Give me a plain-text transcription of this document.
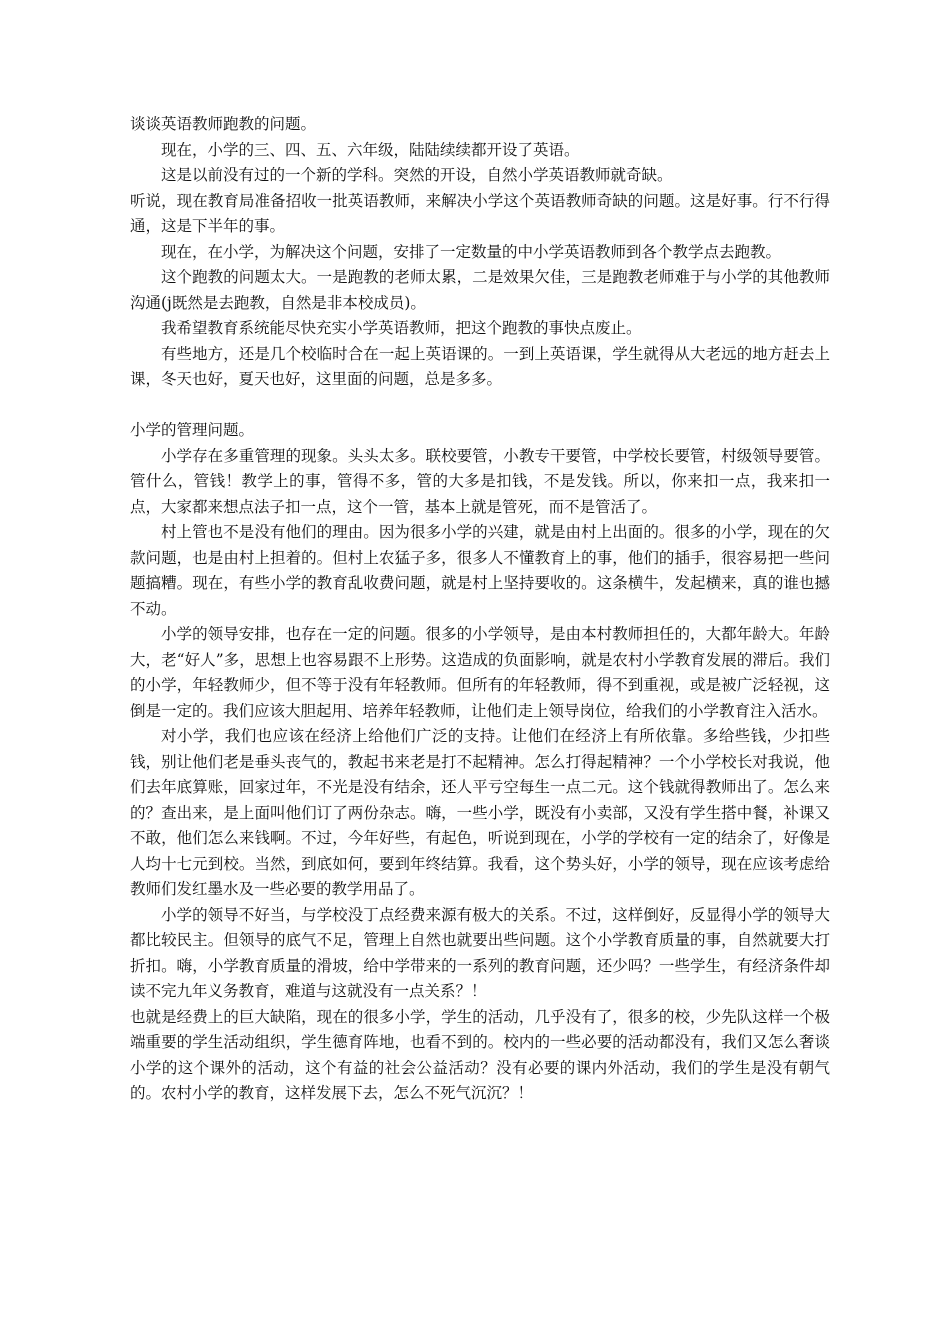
谈谈英语教师跑教的问题。

现在，小学的三、四、五、六年级，陆陆续续都开设了英语。

这是以前没有过的一个新的学科。突然的开设，自然小学英语教师就奇缺。

听说，现在教育局准备招收一批英语教师，来解决小学这个英语教师奇缺的问题。这是好事。行不行得通，这是下半年的事。

现在，在小学，为解决这个问题，安排了一定数量的中小学英语教师到各个教学点去跑教。

这个跑教的问题太大。一是跑教的老师太累，二是效果欠佳，三是跑教老师难于与小学的其他教师沟通(j既然是去跑教，自然是非本校成员)。

我希望教育系统能尽快充实小学英语教师，把这个跑教的事快点废止。

有些地方，还是几个校临时合在一起上英语课的。一到上英语课，学生就得从大老远的地方赶去上课，冬天也好，夏天也好，这里面的问题，总是多多。

小学的管理问题。

小学存在多重管理的现象。头头太多。联校要管，小教专干要管，中学校长要管，村级领导要管。管什么，管钱！教学上的事，管得不多，管的大多是扣钱，不是发钱。所以，你来扣一点，我来扣一点，大家都来想点法子扣一点，这个一管，基本上就是管死，而不是管活了。

村上管也不是没有他们的理由。因为很多小学的兴建，就是由村上出面的。很多的小学，现在的欠款问题，也是由村上担着的。但村上农猛子多，很多人不懂教育上的事，他们的插手，很容易把一些问题搞糟。现在，有些小学的教育乱收费问题，就是村上坚持要收的。这条横牛，发起横来，真的谁也撼不动。

小学的领导安排，也存在一定的问题。很多的小学领导，是由本村教师担任的，大都年龄大。年龄大，老“好人”多，思想上也容易跟不上形势。这造成的负面影响，就是农村小学教育发展的滞后。我们的小学，年轻教师少，但不等于没有年轻教师。但所有的年轻教师，得不到重视，或是被广泛轻视，这倒是一定的。我们应该大胆起用、培养年轻教师，让他们走上领导岗位，给我们的小学教育注入活水。

对小学，我们也应该在经济上给他们广泛的支持。让他们在经济上有所依靠。多给些钱，少扣些钱，别让他们老是垂头丧气的，教起书来老是打不起精神。怎么打得起精神？一个小学校长对我说，他们去年底算账，回家过年，不光是没有结余，还人平亏空每生一点二元。这个钱就得教师出了。怎么来的？查出来，是上面叫他们订了两份杂志。嗨，一些小学，既没有小卖部，又没有学生搭中餐，补课又不敢，他们怎么来钱啊。不过，今年好些，有起色，听说到现在，小学的学校有一定的结余了，好像是人均十七元到校。当然，到底如何，要到年终结算。我看，这个势头好，小学的领导，现在应该考虑给教师们发红墨水及一些必要的教学用品了。

小学的领导不好当，与学校没丁点经费来源有极大的关系。不过，这样倒好，反显得小学的领导大都比较民主。但领导的底气不足，管理上自然也就要出些问题。这个小学教育质量的事，自然就要大打折扣。嗨，小学教育质量的滑坡，给中学带来的一系列的教育问题，还少吗？一些学生，有经济条件却读不完九年义务教育，难道与这就没有一点关系？！

也就是经费上的巨大缺陷，现在的很多小学，学生的活动，几乎没有了，很多的校，少先队这样一个极端重要的学生活动组织，学生德育阵地，也看不到的。校内的一些必要的活动都没有，我们又怎么奢谈小学的这个课外的活动，这个有益的社会公益活动？没有必要的课内外活动，我们的学生是没有朝气的。农村小学的教育，这样发展下去，怎么不死气沉沉？！
